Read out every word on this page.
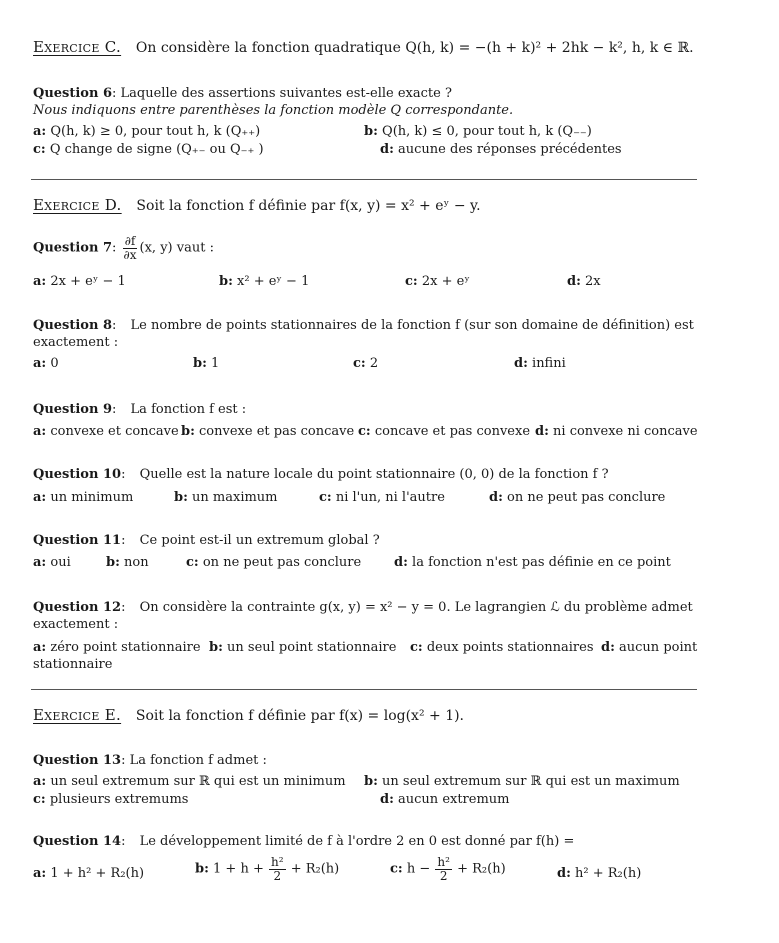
Exercice C. On considère la fonction quadratique Q(h, k) = −(h + k)² + 2hk − k², h, k ∈ ℝ.
Question 6: Laquelle des assertions suivantes est-elle exacte ?
Nous indiquons entre parenthèses la fonction modèle Q correspondante.
a: Q(h, k) ≥ 0, pour tout h, k (Q₊₊)	b: Q(h, k) ≤ 0, pour tout h, k (Q₋₋)
c: Q change de signe (Q₊₋ ou Q₋₊ )	d: aucune des réponses précédentes
Exercice D. Soit la fonction f définie par f(x, y) = x² + eʸ − y.
Question 7: $\frac{\partial f}{\partial x} (x$, y) vaut :
a: 2x + eʸ − 1	b: x² + eʸ − 1	c: 2x + eʸ	d: 2x
Question 8: Le nombre de points stationnaires de la fonction f (sur son domaine de définition) est
exactement :
a: 0	b: 1	c: 2	d: infini
Question 9: La fonction f est :
a: convexe et concave b: convexe et pas concave c: concave et pas convexe d: ni convexe ni concave
Question 10: Quelle est la nature locale du point stationnaire (0, 0) de la fonction f ?
a: un minimum	b: un maximum	c: ni l'un, ni l'autre	d: on ne peut pas conclure
Question 11: Ce point est-il un extremum global ?
a: oui	b: non	c: on ne peut pas conclure	d: la fonction n'est pas définie en ce point
Question 12: On considère la contrainte g(x, y) = x² − y = 0. Le lagrangien ℒ du problème admet
exactement :
a: zéro point stationnaire b: un seul point stationnaire c: deux points stationnaires d: aucun point
stationnaire
Exercice E. Soit la fonction f définie par f(x) = log(x² + 1).
Question 13: La fonction f admet :
a: un seul extremum sur ℝ qui est un minimum b: un seul extremum sur ℝ qui est un maximum
c: plusieurs extremums	d: aucun extremum
Question 14: Le développement limité de f à l'ordre 2 en 0 est donné par f(h) =
a: 1 + h² + R₂(h)	b: $1 + h + \frac{\text{h²}}{2} + R_2(h)$	c: $h - \frac{\text{h²}}{2} + R_2(h)$	d: h² + R₂(h)
